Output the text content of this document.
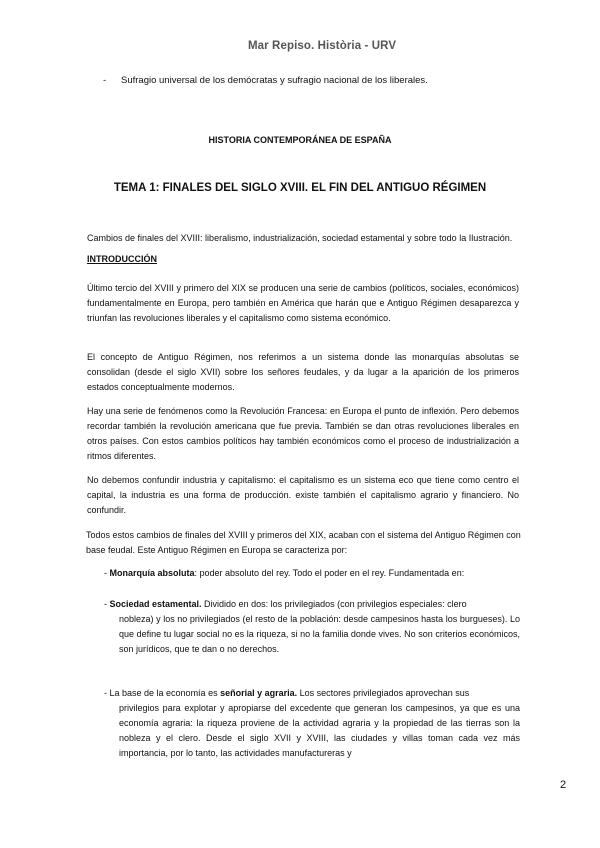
Mar Repiso. Història - URV
- Sufragio universal de los demócratas y sufragio nacional de los liberales.
HISTORIA CONTEMPORÁNEA DE ESPAÑA
TEMA 1: FINALES DEL SIGLO XVIII. EL FIN DEL ANTIGUO RÉGIMEN
Cambios de finales del XVIII: liberalismo, industrialización, sociedad estamental y sobre todo la Ilustración.
INTRODUCCIÓN
Último tercio del XVIII y primero del XIX se producen una serie de cambios (políticos, sociales, económicos) fundamentalmente en Europa, pero también en América que harán que e Antiguo Régimen desaparezca y triunfan las revoluciones liberales y el capitalismo como sistema económico.
El concepto de Antiguo Régimen, nos referimos a un sistema donde las monarquías absolutas se consolidan (desde el siglo XVII) sobre los señores feudales, y da lugar a la aparición de los primeros estados conceptualmente modernos.
Hay una serie de fenómenos como la Revolución Francesa: en Europa el punto de inflexión. Pero debemos recordar también la revolución americana que fue previa. También se dan otras revoluciones liberales en otros países. Con estos cambios políticos hay también económicos como el proceso de industrialización a ritmos diferentes.
No debemos confundir industria y capitalismo: el capitalismo es un sistema eco que tiene como centro el capital, la industria es una forma de producción. existe también el capitalismo agrario y financiero. No confundir.
Todos estos cambios de finales del XVIII y primeros del XIX, acaban con el sistema del Antiguo Régimen con base feudal. Este Antiguo Régimen en Europa se caracteriza por:
- Monarquía absoluta: poder absoluto del rey. Todo el poder en el rey. Fundamentada en:
- Sociedad estamental. Dividido en dos: los privilegiados (con privilegios especiales: clero
nobleza) y los no privilegiados (el resto de la población: desde campesinos hasta los burgueses). Lo que define tu lugar social no es la riqueza, si no la familia donde vives. No son criterios económicos, son jurídicos, que te dan o no derechos.
- La base de la economía es señorial y agraria. Los sectores privilegiados aprovechan sus
privilegios para explotar y apropiarse del excedente que generan los campesinos, ya que es una economía agraria: la riqueza proviene de la actividad agraria y la propiedad de las tierras son la nobleza y el clero. Desde el siglo XVII y XVIII, las ciudades y villas toman cada vez más importancia, por lo tanto, las actividades manufactureras y
2
